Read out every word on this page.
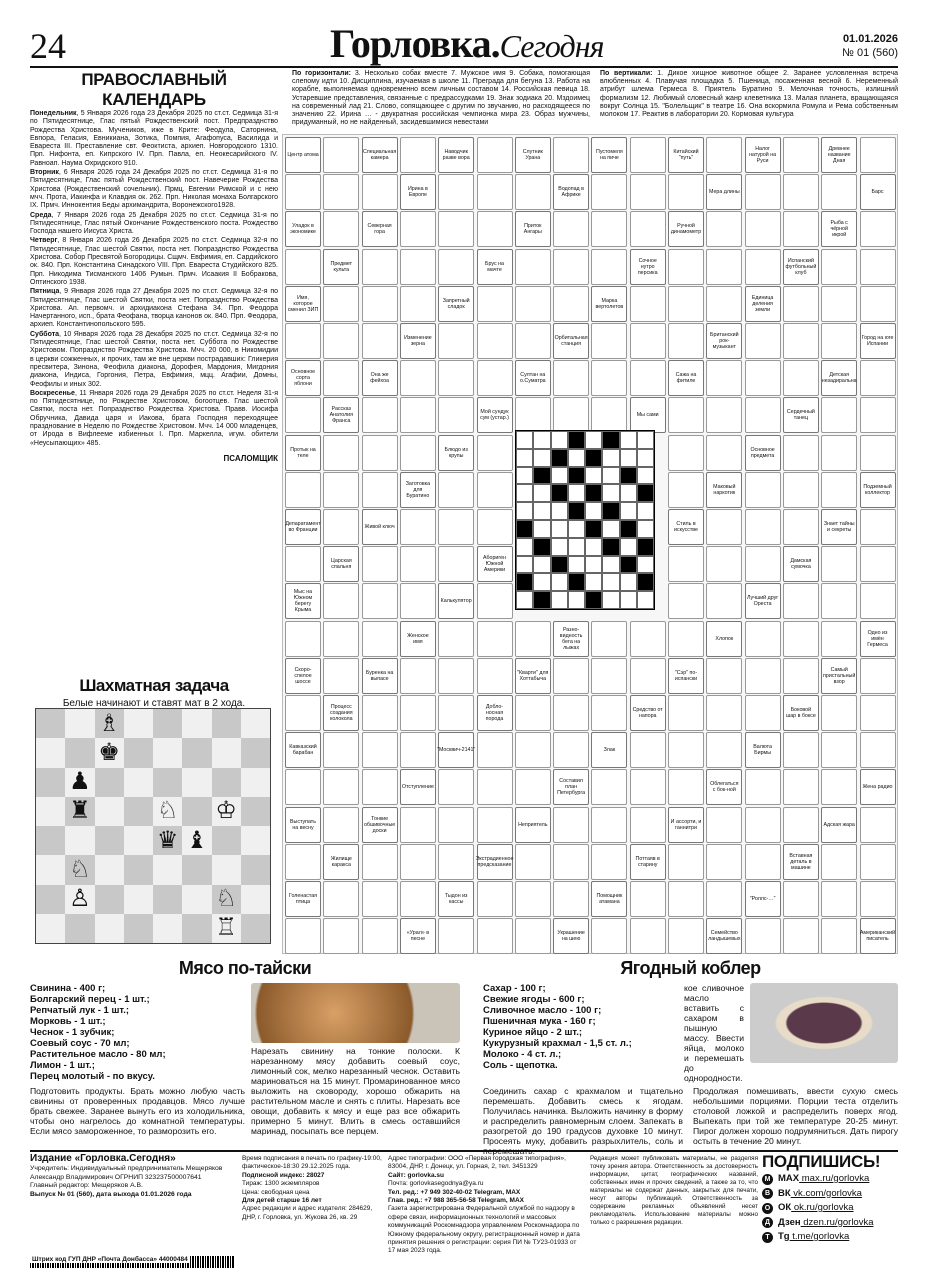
24	Горловка.Сегодня	01.01.2026
№ 01 (560)
ПРАВОСЛАВНЫЙ КАЛЕНДАРЬ

Понедельник, 5 Января 2026 года 23 Декабря 2025 по ст.ст. Седмица 31-я по Пятидесятнице, Глас пятый Рождественский пост. Предпразднство Рождества Христова. Мучеников, иже в Крите: Феодула, Саторнина, Евпора, Геласия, Евникиана, Зотика, Помпия, Агафопуса, Василида и Евареста III. Преставление свт. Феоктиста, архиеп. Новгородского 1310. Прп. Нифонта, еп. Кипрского IV. Прп. Павла, еп. Неокесарийского IV. Равноап. Наума Охридского 910.

Вторник, 6 Января 2026 года 24 Декабря 2025 по ст.ст. Седмица 31-я по Пятидесятнице, Глас пятый Рождественский пост. Навечерие Рождества Христова (Рождественский сочельник). Прмц. Евгении Римской и с нею мчч. Прота, Иакинфа и Клавдия ок. 262. Прп. Николая монаха Болгарского IX. Прмч. Иннокентия Беды архимандрита, Воронежского1928.

Среда, 7 Января 2026 года 25 Декабря 2025 по ст.ст. Седмица 31-я по Пятидесятнице, Глас пятый Окончание Рождественского поста. Рождество Господа нашего Иисуса Христа.

Четверг, 8 Января 2026 года 26 Декабря 2025 по ст.ст. Седмица 32-я по Пятидесятнице, Глас шестой Святки, поста нет. Попразднство Рождества Христова. Собор Пресвятой Богородицы. Сщмч. Евфимия, еп. Сардийского ок. 840. Прп. Константина Синадского VIII. Прп. Евареста Студийского 825. Прп. Никодима Тисманского 1406 Румын. Прмч. Исаакия II Бобракова, Оптинского 1938.

Пятница, 9 Января 2026 года 27 Декабря 2025 по ст.ст. Седмица 32-я по Пятидесятнице, Глас шестой Святки, поста нет. Попразднство Рождества Христова. Ап. первомч. и архидиакона Стефана 34. Прп. Феодора Начертанного, исп., брата Феофана, творца канонов ок. 840. Прп. Феодора, архиеп. Константинопольского 595.

Суббота, 10 Января 2026 года 28 Декабря 2025 по ст.ст. Седмица 32-я по Пятидесятнице, Глас шестой Святки, поста нет. Суббота по Рождестве Христовом. Попразднство Рождества Христова. Мчч. 20 000, в Никомидии в церкви сожженных, и прочих, там же вне церкви пострадавших: Гликерия пресвитера, Зинона, Феофила диакона, Дорофея, Мардония, Мигдония диакона, Индиса, Горгония, Петра, Евфимия, мцц. Агафии, Домны, Феофилы и иных 302.

Воскресенье, 11 Января 2026 года 29 Декабря 2025 по ст.ст. Неделя 31-я по Пятидесятнице, по Рождестве Христовом, богоотцев. Глас шестой Святки, поста нет. Попразднство Рождества Христова. Правв. Иосифа Обручника, Давида царя и Иакова, брата Господня переходящее празднование в Неделю по Рождестве Христовом. Мчч. 14 000 младенцев, от Ирода в Вифлееме избиенных I. Прп. Маркелла, игум. обители «Неусыпающих» 485.

ПСАЛОМЩИК
Шахматная задача
Белые начинают и ставят мат в 2 хода.
♗
♚
♟
♜	♘ ♔
♛ ♝
♘
♙	♘
♖

По горизонтали: 3. Несколько собак вместе 7. Мужское имя 9. Собака, помогающая слепому идти 10. Дисциплина, изучаемая в школе 11. Преграда для бегуна 13. Работа на корабле, выполняемая одновременно всем личным составом 14. Российская певица 18. Устаревшие представления, связанные с предрассудками 19. Знак зодиака 20. Мздоимец на современный лад 21. Слово, сопящающее с другим по звучанию, но расходящееся по значению 22. Ирина … - двукратная российская чемпионка мира 23. Образ мужчины, придуманный, но не найденный, засидевшимися невестами

По вертикали: 1. Дикое хищное животное общее 2. Заранее условленная встреча влюбленных 4. Плавучая площадка 5. Пшеница, посаженная весной 6. Неременный атрибут шлема Гермеса 8. Приятель Буратино 9. Мелочная точность, излишний формализм 12. Любимый словесный жанр клеветника 13. Малая планета, вращающаяся вокруг Солнца 15. "Болельщик" в театре 16. Она вскормила Ромула и Рема собственным молоком 17. Реактив в лаборатории 20. Кормовая культура

Центр атома	Специальная камера
Наводчик разве вора
Слутник Урана
Пустомеля на пиче
Китайский "путь"
Налог натурой на Руси
Древнее название Дная
Ирина в Европе
Водопад в Африке	Мера длины	Барс
Уладок в экономике
Северная гора
Приток Ангары
Ручной динамометр
Рыба с чёрной икрой
Предмет культа
Брус на мачте
Сочное нутро персика
Испанский футбольный клуб
Имя, которое сменил ЗИП
Запретный сладок
Марка вертолетов
Единица деления земли
Изменение зерна
Орбитальная станция
Британский рок-музыкант
Город на юге Испании
Основное сорта яблони
Она же фейхоа
Султан на о.Суматра
Сажа на фитиле
Детская незадиральна
Рассказ Анатолия Франса
Мой сундук сум (устар.)	Мы сами	Сердечный танец
Протык на теле
Блюдо из крупы
Основное предмета
Заготовка для Буратино
Маковый наркотик
Подземный коллектор
Депаратамент во Франции	Живой ключ	Стиль в искусстве
Знает тайны и секреты
Царская спальня
Абориген Южной Америки
Дамская сумочка
Мыс на Южном берегу Крыма
Калькулятор	Лучший друг Ореста
Женское имя
Разновидность бега на лыжах
Хлопок
Одно из имён Гермеса
Скороспелое шоссе
Буренка на выпасе
"Кварти" для Хоттабыча
"Сэр" по-испански
Самый пристальный взор
Процесс создания колокола
Доблоносная порода
Средство от напора
Боковой шар в боксе
Кавказский барабан	"Москвич-2141"	Злак	Валюта Бирмы
Отступление
Составил план Петербурга
Облегаться с бок-ной	Жена радио
Выступать на весну
Тонкие обшивочные доски
Неприятель	И ассорти, и ганнитри	Адская жара
Жилище каракса
Экстрадиенное предсказание
Поттаяв в старину
Вставная деталь в машине
Голенастая птица
Тыдон из кассы
Помощник атамана	"Роллс-…"
«Урал» в песне
Украшение на шею
Семейство ландышевых
Американский писатель
Мясо по-тайски
Свинина - 400 г;
Болгарский перец - 1 шт.;
Репчатый лук - 1 шт.;
Морковь - 1 шт.;
Чеснок - 1 зубчик;
Соевый соус - 70 мл;
Растительное масло - 80 мл;
Лимон - 1 шт.;
Перец молотый - по вкусу.

Подготовить продукты. Брать можно любую часть свинины от проверенных продавцов. Мясо лучше брать свежее. Заранее вынуть его из холодильника, чтобы оно нагрелось до комнатной температуры. Если мясо замороженное, то разморозить его.

Нарезать свинину на тонкие полоски. К нарезанному мясу добавить соевый соус, лимонный сок, мелко нарезанный чеснок. Оставить мариноваться на 15 минут. Промаринованное мясо выложить на сковороду, хорошо обжарить на растительном масле и снять с плиты. Нарезать все овощи, добавить к мясу и еще раз все обжарить примерно 5 минут. Влить в смесь оставшийся маринад, посыпать все перцем.

Ягодный коблер
Сахар - 100 г;
Свежие ягоды - 600 г;
Сливочное масло - 100 г;
Пшеничная мука - 160 г;
Куриное яйцо - 2 шт.;
Кукурузный крахмал - 1,5 ст. л.;
Молоко - 4 ст. л.;
Соль - щепотка.

кое сливочное масло вставить с сахаром в пышную массу. Ввести яйца, молоко и перемешать до однородности.

Соединить сахар с крахмалом и тщательно перемешать. Добавить смесь к ягодам. Получилась начинка. Выложить начинку в форму и распределить равномерным слоем. Запекать в разогретой до 190 градусов духовке 10 минут. Просеять муку, добавить разрыхлитель, соль и перемешать.

Продолжая помешивать, ввести сухую смесь небольшими порциями. Порции теста отделить столовой ложкой и распределить поверх ягод. Выпекать при той же температуре 20-25 минут. Пирог должен хорошо подрумяниться. Дать пирогу остыть в течение 20 минут.

Издание «Горловка.Сегодня»
Учредитель: Индивидуальный предприниматель Мещеряков Александр Владимирович ОГРНИП 323237500007641
Главный редактор: Мещеряков А.В.
Выпуск № 01 (560), дата выхода 01.01.2026 года
Штрих код ГУП ДНР «Почта Донбасса» 44000484
Время подписания в печать по графику-19:00, фактическое-18:30 29.12.2025 года.
Подписной индекс: 28027
Тираж: 1300 экземпляров
Цена: свободная цена
Для детей старше 16 лет
Адрес редакции и адрес издателя: 284629, ДНР, г. Горловка, ул. Жукова 26, кв. 29
Адрес типографии: ООО «Первая городская типография», 83004, ДНР, г. Донецк, ул. Горная, 2, тел. 3451329
Сайт: gorlovka.su
Почта: gorlovkasegodnya@ya.ru
Тел. ред.: +7 949 302-40-02 Telegram, MAX
Глав. ред.: +7 988 365-56-58 Telegram, MAX
Газета зарегистрирована Федеральной службой по надзору в сфере связи, информационных технологий и массовых коммуникаций Роскомнадзора управлением Роскомнадзора по Южному федеральному округу, регистрационный номер и дата принятия решения о регистрации: серия ПИ № ТУ23-01933 от 17 мая 2023 года.
Редакция может публиковать материалы, не разделяя точку зрения автора. Ответственность за достоверность информации, цитат, географических названий, собственных имен и прочих сведений, а также за то, что материалы не содержат данных, закрытых для печати, несут авторы публикаций. Ответственность за содержание рекламных объявлений несет рекламодатель. Использование материалы можно только с разрешения редакции.
ПОДПИШИСЬ!
M MAX max.ru/gorlovka
В ВК vk.com/gorlovka
O ОК ok.ru/gorlovka
Д Дзен dzen.ru/gorlovka
T Tg t.me/gorlovka
